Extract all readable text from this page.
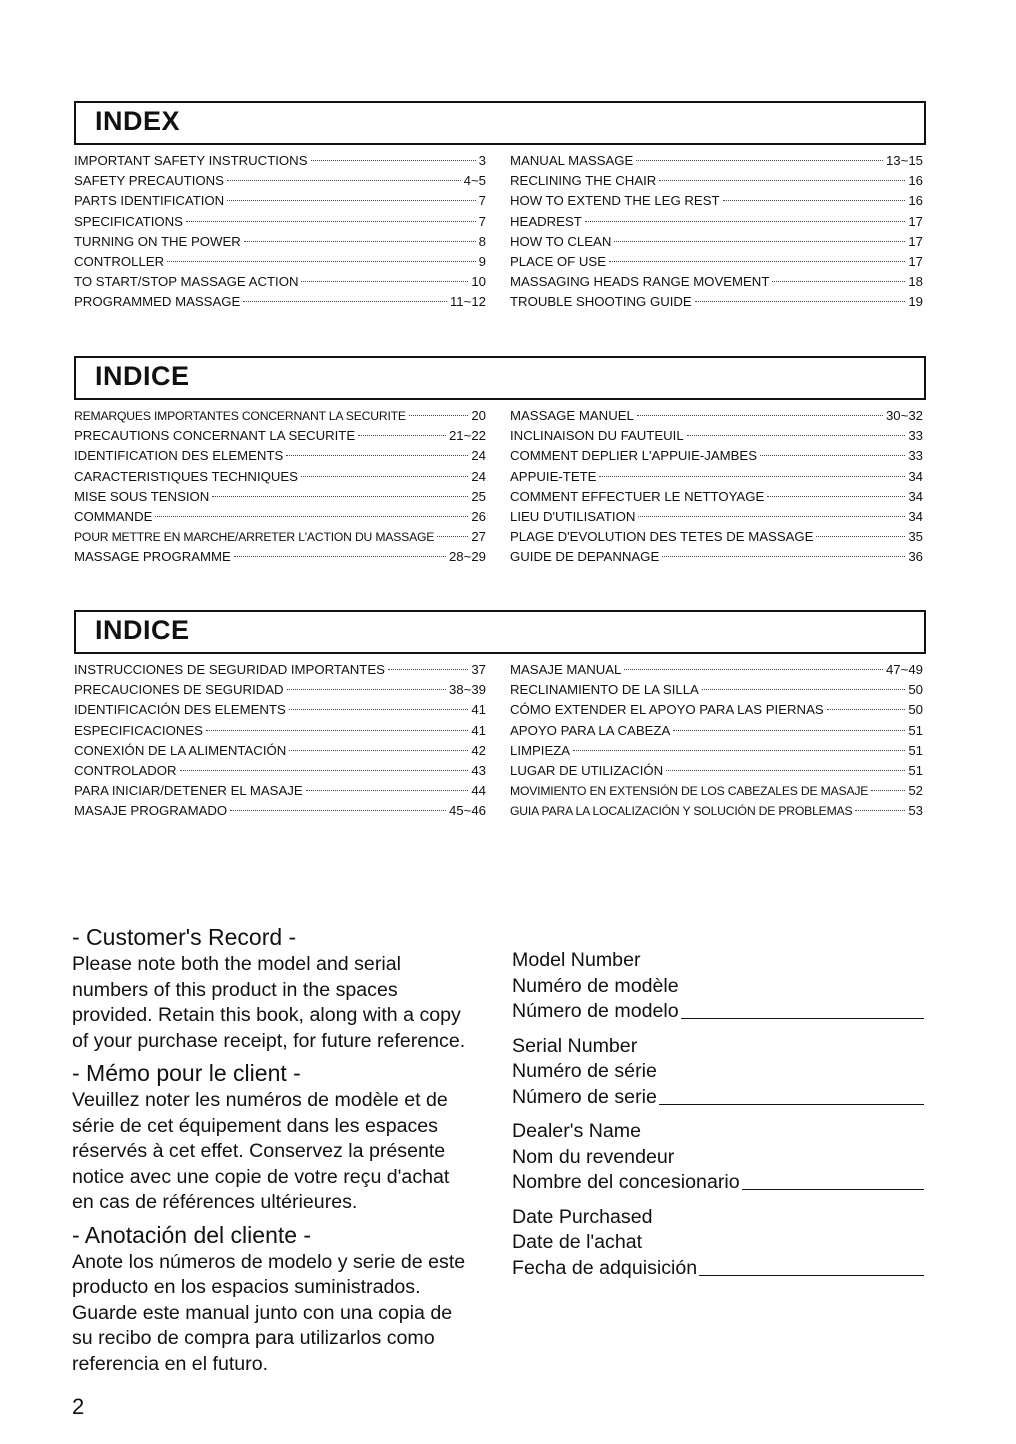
INDEX
IMPORTANT SAFETY INSTRUCTIONS	3
SAFETY PRECAUTIONS	4~5
PARTS IDENTIFICATION	7
SPECIFICATIONS	7
TURNING ON THE POWER	8
CONTROLLER	9
TO START/STOP MASSAGE ACTION	10
PROGRAMMED MASSAGE	11~12
MANUAL MASSAGE	13~15
RECLINING THE CHAIR	16
HOW TO EXTEND THE LEG REST	16
HEADREST	17
HOW TO CLEAN	17
PLACE OF USE	17
MASSAGING HEADS RANGE MOVEMENT	18
TROUBLE SHOOTING GUIDE	19
INDICE
REMARQUES IMPORTANTES CONCERNANT LA SECURITE	20
PRECAUTIONS CONCERNANT LA SECURITE	21~22
IDENTIFICATION DES ELEMENTS	24
CARACTERISTIQUES TECHNIQUES	24
MISE SOUS TENSION	25
COMMANDE	26
POUR METTRE EN MARCHE/ARRETER L'ACTION DU MASSAGE	27
MASSAGE PROGRAMME	28~29
MASSAGE MANUEL	30~32
INCLINAISON DU FAUTEUIL	33
COMMENT DEPLIER L'APPUIE-JAMBES	33
APPUIE-TETE	34
COMMENT EFFECTUER LE NETTOYAGE	34
LIEU D'UTILISATION	34
PLAGE D'EVOLUTION DES TETES DE MASSAGE	35
GUIDE DE DEPANNAGE	36
INDICE
INSTRUCCIONES DE SEGURIDAD IMPORTANTES	37
PRECAUCIONES DE SEGURIDAD	38~39
IDENTIFICACIÓN DES ELEMENTS	41
ESPECIFICACIONES	41
CONEXIÓN DE LA ALIMENTACIÓN	42
CONTROLADOR	43
PARA INICIAR/DETENER EL MASAJE	44
MASAJE PROGRAMADO	45~46
MASAJE MANUAL	47~49
RECLINAMIENTO DE LA SILLA	50
CÓMO EXTENDER EL APOYO PARA LAS PIERNAS	50
APOYO PARA LA CABEZA	51
LIMPIEZA	51
LUGAR DE UTILIZACIÓN	51
MOVIMIENTO EN EXTENSIÓN DE LOS CABEZALES DE MASAJE	52
GUIA PARA LA LOCALIZACIÓN Y SOLUCIÓN DE PROBLEMAS	53
- Customer's Record -
Please note both the model and serial
numbers of this product in the spaces
provided. Retain this book, along with a copy
of your purchase receipt, for future reference.
- Mémo pour le client -
Veuillez noter les numéros de modèle et de
série de cet équipement dans les espaces
réservés à cet effet. Conservez la présente
notice avec une copie de votre reçu d'achat
en cas de références ultérieures.
- Anotación del cliente -
Anote los números de modelo y serie de este
producto en los espacios suministrados.
Guarde este manual junto con una copia de
su recibo de compra para utilizarlos como
referencia en el futuro.
Model Number
Numéro de modèle
Número de modelo
Serial Number
Numéro de série
Número de serie
Dealer's Name
Nom du revendeur
Nombre del concesionario
Date Purchased
Date de l'achat
Fecha de adquisición
2
